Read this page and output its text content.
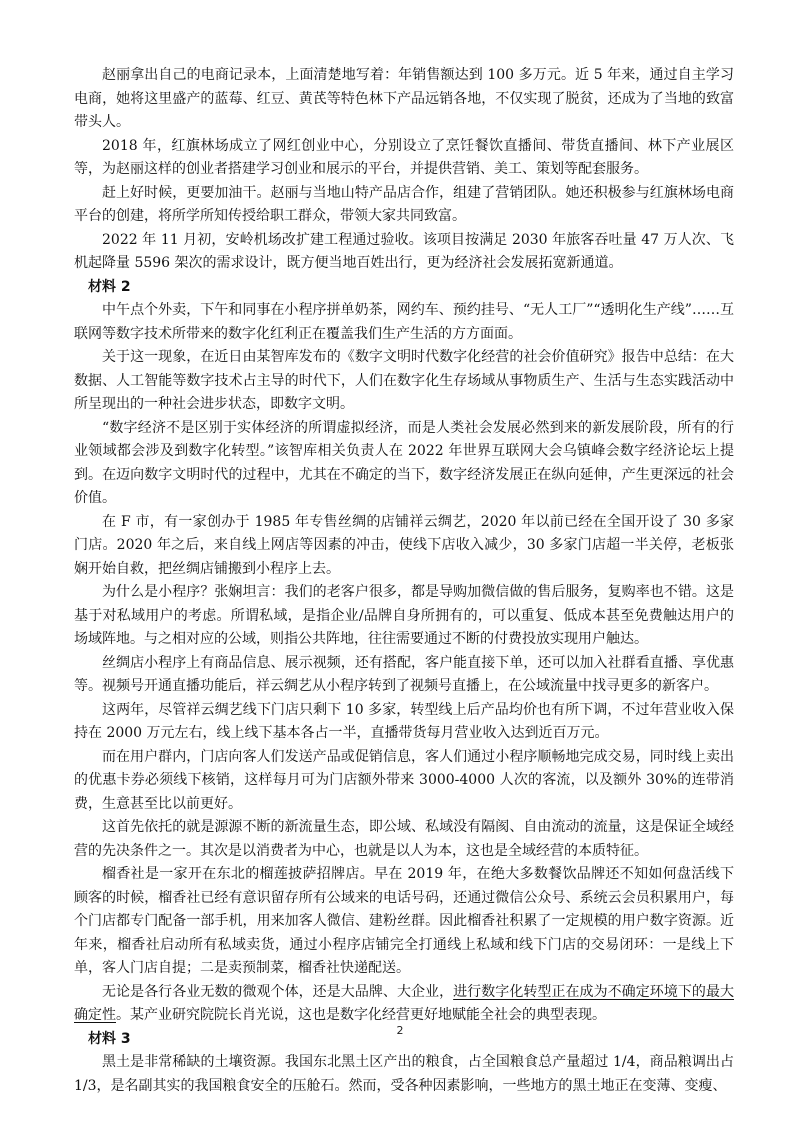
赵丽拿出自己的电商记录本，上面清楚地写着：年销售额达到 100 多万元。近 5 年来，通过自主学习电商，她将这里盛产的蓝莓、红豆、黄芪等特色林下产品远销各地，不仅实现了脱贫，还成为了当地的致富带头人。

2018 年，红旗林场成立了网红创业中心，分别设立了烹饪餐饮直播间、带货直播间、林下产业展区等，为赵丽这样的创业者搭建学习创业和展示的平台，并提供营销、美工、策划等配套服务。

赶上好时候，更要加油干。赵丽与当地山特产品店合作，组建了营销团队。她还积极参与红旗林场电商平台的创建，将所学所知传授给职工群众，带领大家共同致富。

2022 年 11 月初，安岭机场改扩建工程通过验收。该项目按满足 2030 年旅客吞吐量 47 万人次、飞机起降量 5596 架次的需求设计，既方便当地百姓出行，更为经济社会发展拓宽新通道。

材料 2

中午点个外卖，下午和同事在小程序拼单奶茶，网约车、预约挂号、“无人工厂”“透明化生产线”……互联网等数字技术所带来的数字化红利正在覆盖我们生产生活的方方面面。

关于这一现象，在近日由某智库发布的《数字文明时代数字化经营的社会价值研究》报告中总结：在大数据、人工智能等数字技术占主导的时代下，人们在数字化生存场域从事物质生产、生活与生态实践活动中所呈现出的一种社会进步状态，即数字文明。

“数字经济不是区别于实体经济的所谓虚拟经济，而是人类社会发展必然到来的新发展阶段，所有的行业领域都会涉及到数字化转型。”该智库相关负责人在 2022 年世界互联网大会乌镇峰会数字经济论坛上提到。在迈向数字文明时代的过程中，尤其在不确定的当下，数字经济发展正在纵向延伸，产生更深远的社会价值。

在 F 市，有一家创办于 1985 年专售丝绸的店铺祥云绸艺，2020 年以前已经在全国开设了 30 多家门店。2020 年之后，来自线上网店等因素的冲击，使线下店收入减少，30 多家门店超一半关停，老板张娴开始自救，把丝绸店铺搬到小程序上去。

为什么是小程序？张娴坦言：我们的老客户很多，都是导购加微信做的售后服务，复购率也不错。这是基于对私域用户的考虑。所谓私域，是指企业/品牌自身所拥有的，可以重复、低成本甚至免费触达用户的场域阵地。与之相对应的公域，则指公共阵地，往往需要通过不断的付费投放实现用户触达。

丝绸店小程序上有商品信息、展示视频，还有搭配，客户能直接下单，还可以加入社群看直播、享优惠等。视频号开通直播功能后，祥云绸艺从小程序转到了视频号直播上，在公域流量中找寻更多的新客户。

这两年，尽管祥云绸艺线下门店只剩下 10 多家，转型线上后产品均价也有所下调，不过年营业收入保持在 2000 万元左右，线上线下基本各占一半，直播带货每月营业收入达到近百万元。

而在用户群内，门店向客人们发送产品或促销信息，客人们通过小程序顺畅地完成交易，同时线上卖出的优惠卡券必须线下核销，这样每月可为门店额外带来 3000-4000 人次的客流，以及额外 30%的连带消费，生意甚至比以前更好。

这首先依托的就是源源不断的新流量生态，即公域、私域没有隔阂、自由流动的流量，这是保证全域经营的先决条件之一。其次是以消费者为中心，也就是以人为本，这也是全域经营的本质特征。

榴香社是一家开在东北的榴莲披萨招牌店。早在 2019 年，在绝大多数餐饮品牌还不知如何盘活线下顾客的时候，榴香社已经有意识留存所有公域来的电话号码，还通过微信公众号、系统云会员积累用户，每个门店都专门配备一部手机，用来加客人微信、建粉丝群。因此榴香社积累了一定规模的用户数字资源。近年来，榴香社启动所有私域卖货，通过小程序店铺完全打通线上私域和线下门店的交易闭环：一是线上下单，客人门店自提；二是卖预制菜，榴香社快递配送。

无论是各行各业无数的微观个体，还是大品牌、大企业，进行数字化转型正在成为不确定环境下的最大确定性。某产业研究院院长肖光说，这也是数字化经营更好地赋能全社会的典型表现。

材料 3

黑土是非常稀缺的土壤资源。我国东北黑土区产出的粮食，占全国粮食总产量超过 1/4，商品粮调出占 1/3，是名副其实的我国粮食安全的压舱石。然而，受各种因素影响，一些地方的黑土地正在变薄、变瘦、

2
